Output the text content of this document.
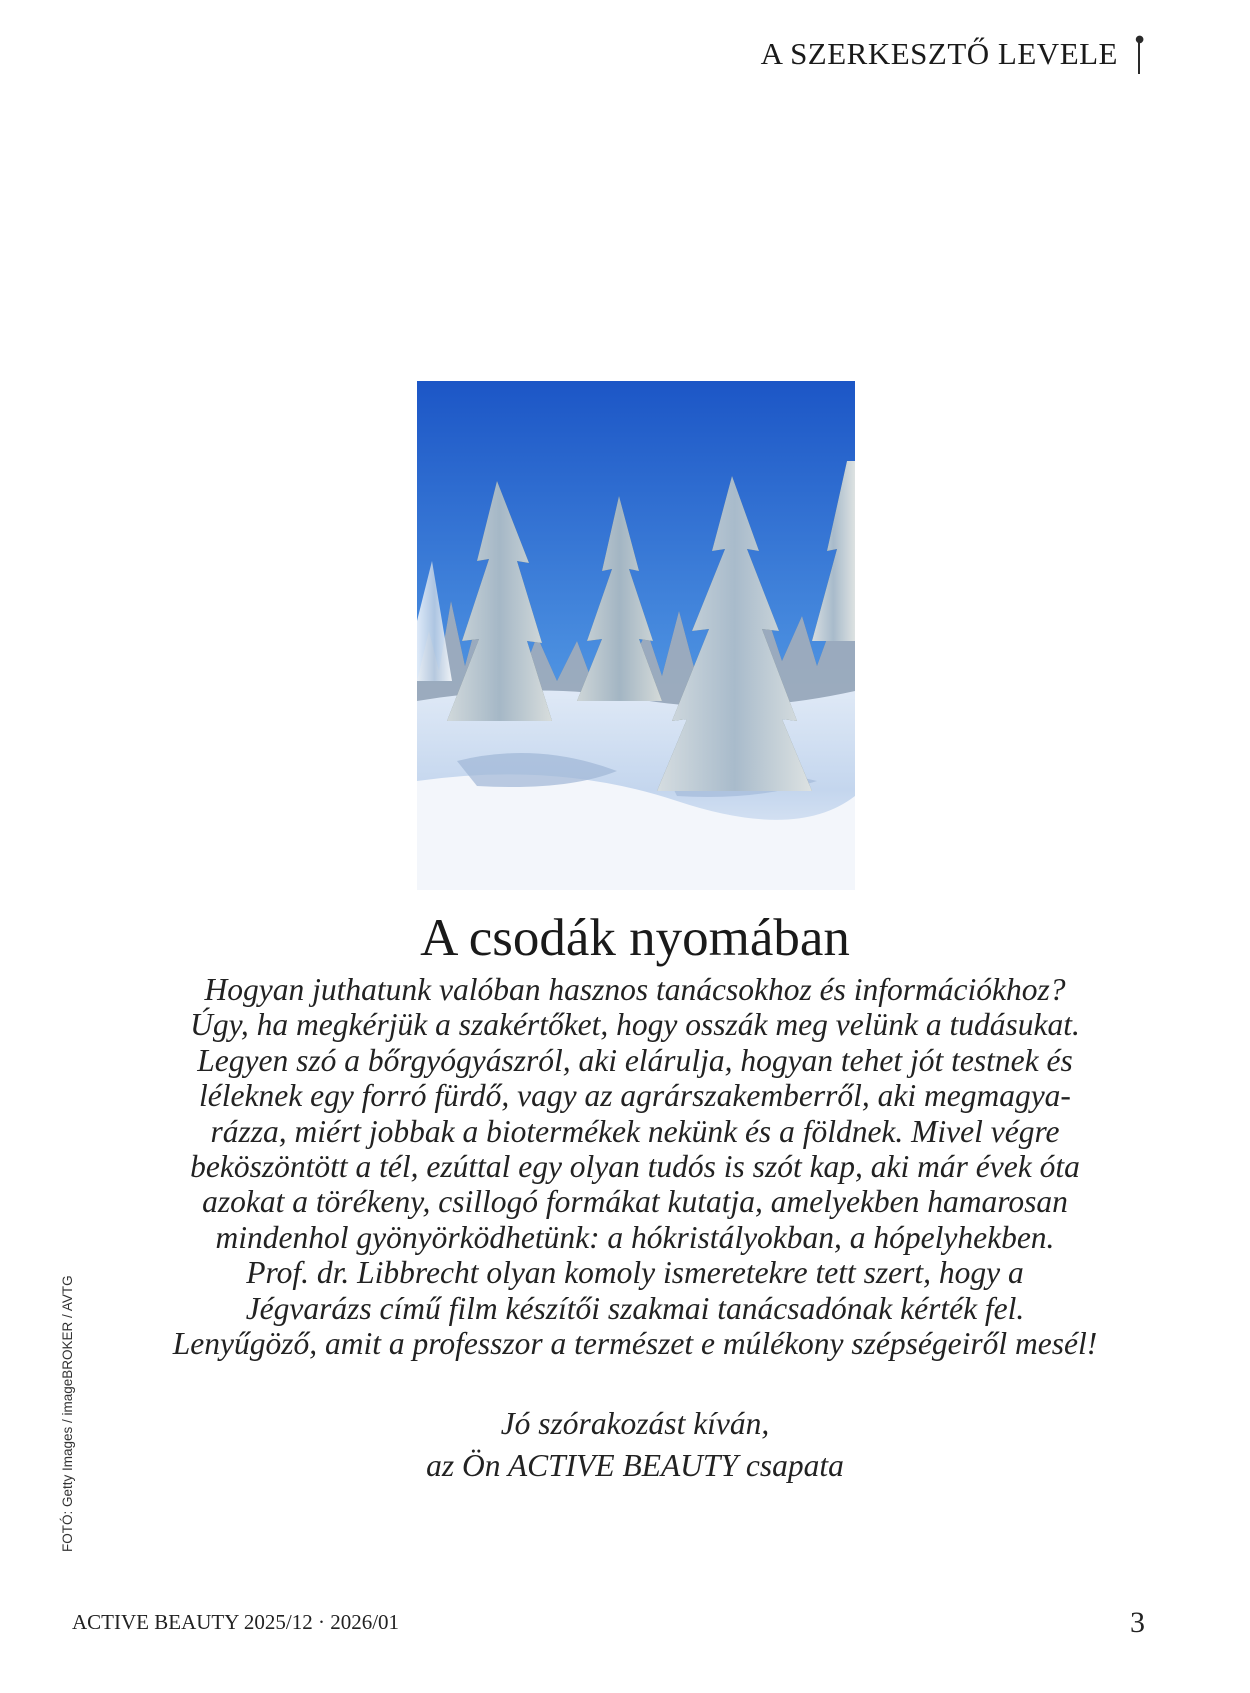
A SZERKESZTŐ LEVELE ●
A csodák nyomában
Hogyan juthatunk valóban hasznos tanácsokhoz és információkhoz?
Úgy, ha megkérjük a szakértőket, hogy osszák meg velünk a tudásukat.
Legyen szó a bőrgyógyászról, aki elárulja, hogyan tehet jót testnek és
léleknek egy forró fürdő, vagy az agrárszakemberről, aki megmagya-
rázza, miért jobbak a biotermékek nekünk és a földnek. Mivel végre
beköszöntött a tél, ezúttal egy olyan tudós is szót kap, aki már évek óta
azokat a törékeny, csillogó formákat kutatja, amelyekben hamarosan
mindenhol gyönyörködhetünk: a hókristályokban, a hópelyhekben.
Prof. dr. Libbrecht olyan komoly ismeretekre tett szert, hogy a
Jégvarázs című film készítői szakmai tanácsadónak kérték fel.
Lenyűgöző, amit a professzor a természet e múlékony szépségeiről mesél!
Jó szórakozást kíván,
az Ön ACTIVE BEAUTY csapata
FOTÓ: Getty Images / imageBROKER / AVTG
ACTIVE BEAUTY 2025/12 · 2026/01	3
